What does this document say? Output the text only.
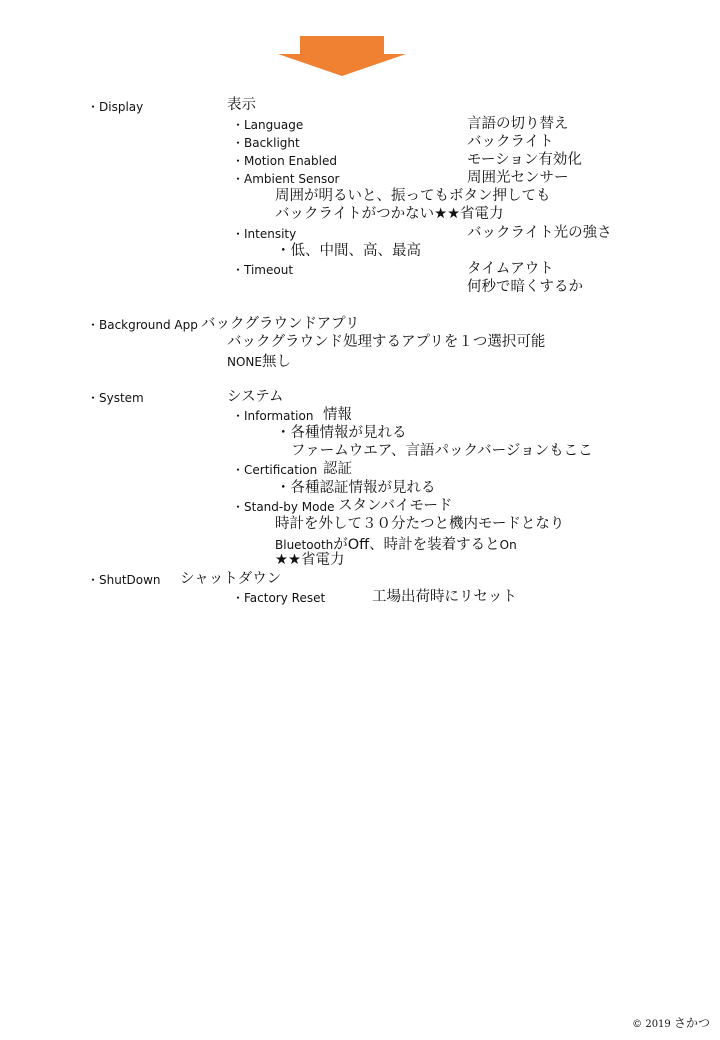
・Display	表示
・Language	言語の切り替え
・Backlight	バックライト
・Motion Enabled	モーション有効化
・Ambient Sensor	周囲光センサー
周囲が明るいと、振ってもボタン押しても
バックライトがつかない★★省電力
・Intensity	バックライト光の強さ
・低、中間、高、最高
・Timeout	タイムアウト
何秒で暗くするか
・Background App バックグラウンドアプリ
バックグラウンド処理するアプリを１つ選択可能
NONE無し
・System	システム
・Information 情報
・各種情報が見れる
ファームウエア、言語パックバージョンもここ
・Certification 認証
・各種認証情報が見れる
・Stand-by Mode スタンバイモード
時計を外して３０分たつと機内モードとなり
BluetoothがOff、時計を装着するとOn
★★省電力
・ShutDown シャットダウン
・Factory Reset	工場出荷時にリセット
© 2019 さかつ
